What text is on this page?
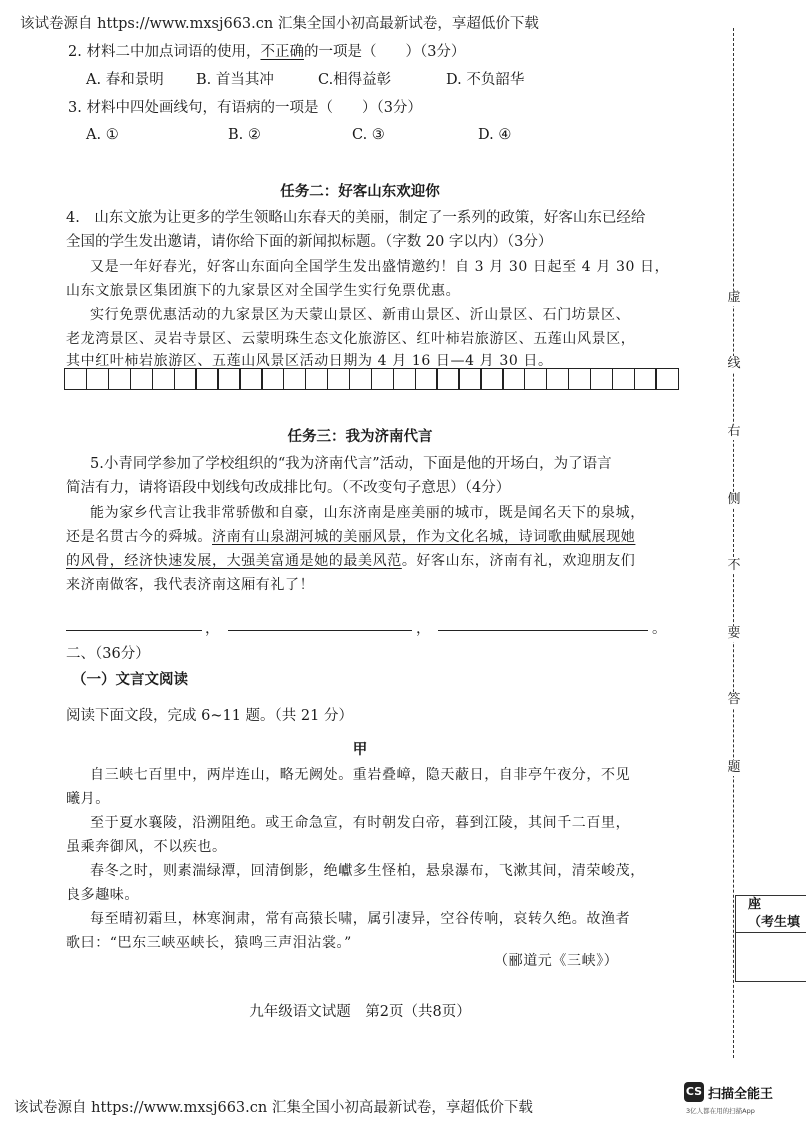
该试卷源自 https://www.mxsj663.cn 汇集全国小初高最新试卷，享超低价下载
2. 材料二中加点词语的使用，不正确的一项是（　　）（3分）
A. 春和景明 B. 首当其冲	C.相得益彰	D. 不负韶华
3. 材料中四处画线句，有语病的一项是（　　）（3分）
A. ①	B. ②	C. ③	D. ④
任务二：好客山东欢迎你
4.　山东文旅为让更多的学生领略山东春天的美丽，制定了一系列的政策，好客山东已经给
全国的学生发出邀请，请你给下面的新闻拟标题。（字数 20 字以内）（3分）
又是一年好春光，好客山东面向全国学生发出盛情邀约！自 3 月 30 日起至 4 月 30 日，
山东文旅景区集团旗下的九家景区对全国学生实行免票优惠。
实行免票优惠活动的九家景区为天蒙山景区、新甫山景区、沂山景区、石门坊景区、
老龙湾景区、灵岩寺景区、云蒙明珠生态文化旅游区、红叶柿岩旅游区、五莲山风景区，
其中红叶柿岩旅游区、五莲山风景区活动日期为 4 月 16 日—4 月 30 日。
任务三：我为济南代言
5.小青同学参加了学校组织的“我为济南代言”活动，下面是他的开场白，为了语言
简洁有力，请将语段中划线句改成排比句。（不改变句子意思）（4分）
能为家乡代言让我非常骄傲和自豪，山东济南是座美丽的城市，既是闻名天下的泉城，
还是名贯古今的舜城。济南有山泉湖河城的美丽风景，作为文化名城，诗词歌曲赋展现她
的风骨，经济快速发展，大强美富通是她的最美风范。好客山东，济南有礼，欢迎朋友们
来济南做客，我代表济南这厢有礼了！
，	，	。
二、（36分）
（一）文言文阅读
阅读下面文段，完成 6~11 题。（共 21 分）
甲
自三峡七百里中，两岸连山，略无阙处。重岩叠嶂，隐天蔽日，自非亭午夜分，不见
曦月。
至于夏水襄陵，沿溯阻绝。或王命急宣，有时朝发白帝，暮到江陵，其间千二百里，
虽乘奔御风，不以疾也。
春冬之时，则素湍绿潭，回清倒影，绝巘多生怪柏，悬泉瀑布，飞漱其间，清荣峻茂，
良多趣味。
每至晴初霜旦，林寒涧肃，常有高猿长啸，属引凄异，空谷传响，哀转久绝。故渔者
歌曰：“巴东三峡巫峡长，猿鸣三声泪沾裳。”
（郦道元《三峡》）
九年级语文试题　第2页（共8页）
该试卷源自 https://www.mxsj663.cn 汇集全国小初高最新试卷，享超低价下载
虚
线
右
侧
不
要
答
题
座
（考生填
CS 扫描全能王
3亿人都在用的扫描App
